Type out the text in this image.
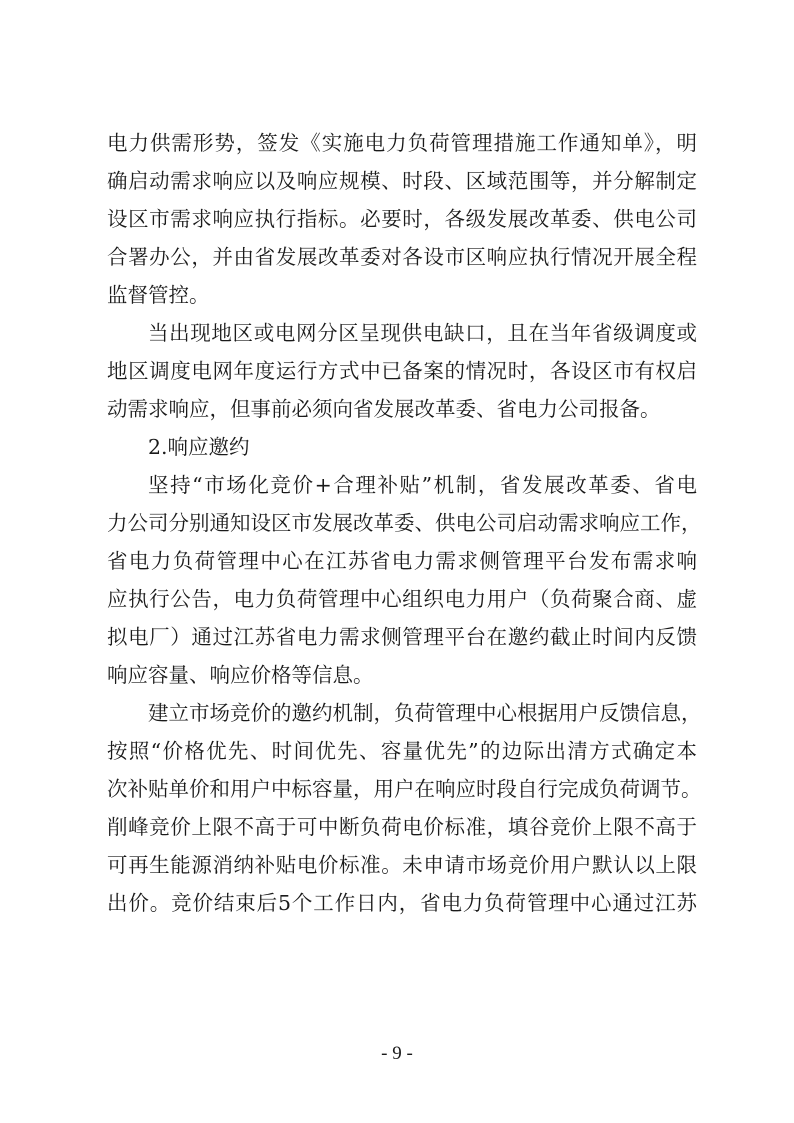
电力供需形势，签发《实施电力负荷管理措施工作通知单》，明
确启动需求响应以及响应规模、时段、区域范围等，并分解制定
设区市需求响应执行指标。必要时，各级发展改革委、供电公司
合署办公，并由省发展改革委对各设市区响应执行情况开展全程
监督管控。
当出现地区或电网分区呈现供电缺口，且在当年省级调度或
地区调度电网年度运行方式中已备案的情况时，各设区市有权启
动需求响应，但事前必须向省发展改革委、省电力公司报备。
2.响应邀约
坚持“市场化竞价+合理补贴”机制，省发展改革委、省电
力公司分别通知设区市发展改革委、供电公司启动需求响应工作，
省电力负荷管理中心在江苏省电力需求侧管理平台发布需求响
应执行公告，电力负荷管理中心组织电力用户（负荷聚合商、虚
拟电厂）通过江苏省电力需求侧管理平台在邀约截止时间内反馈
响应容量、响应价格等信息。
建立市场竞价的邀约机制，负荷管理中心根据用户反馈信息，
按照“价格优先、时间优先、容量优先”的边际出清方式确定本
次补贴单价和用户中标容量，用户在响应时段自行完成负荷调节。
削峰竞价上限不高于可中断负荷电价标准，填谷竞价上限不高于
可再生能源消纳补贴电价标准。未申请市场竞价用户默认以上限
出价。竞价结束后5个工作日内，省电力负荷管理中心通过江苏
- 9 -
